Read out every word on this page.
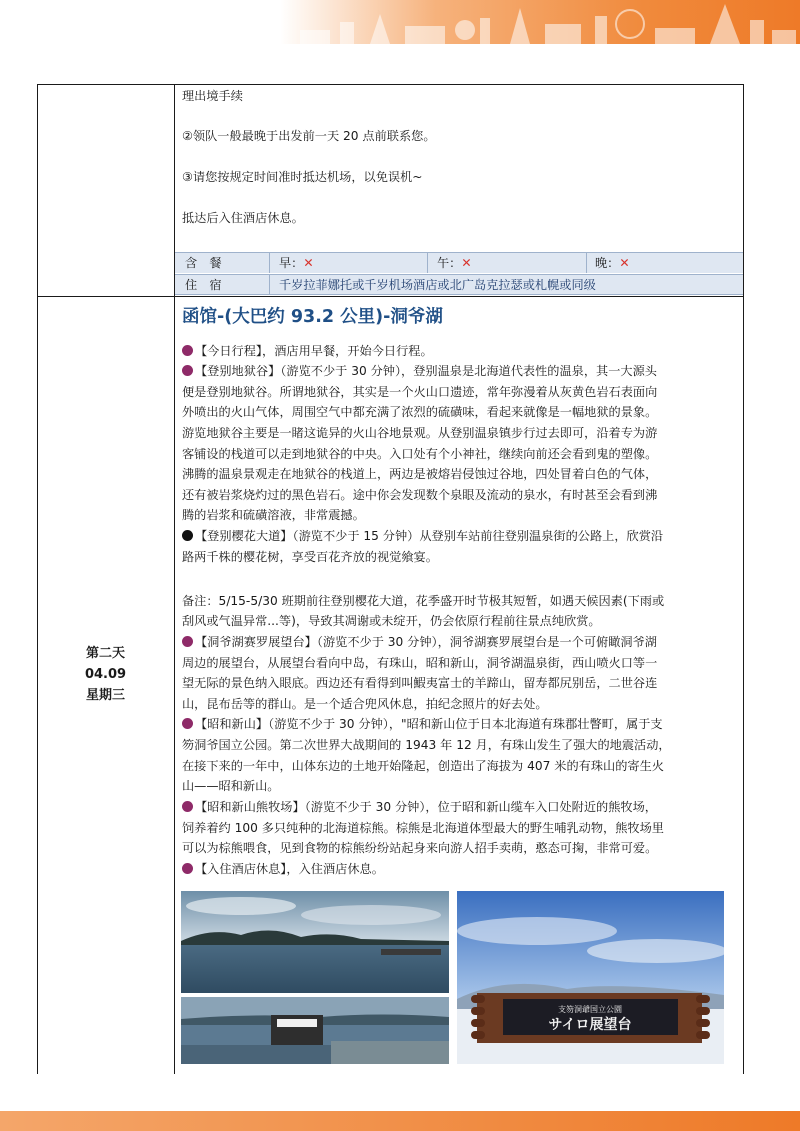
理出境手续
②领队一般最晚于出发前一天 20 点前联系您。
③请您按规定时间准时抵达机场，以免误机~
抵达后入住酒店休息。
含　餐	早：✕	午：✕	晚：✕
住　宿	千岁拉菲娜托或千岁机场酒店或北广岛克拉瑟或札幌或同级
第二天
04.09
星期三
函馆-(大巴约 93.2 公里)-洞爷湖
【今日行程】，酒店用早餐，开始今日行程。
【登别地狱谷】（游览不少于 30 分钟），登别温泉是北海道代表性的温泉，其一大源头
便是登别地狱谷。所谓地狱谷，其实是一个火山口遗迹，常年弥漫着从灰黄色岩石表面向
外喷出的火山气体，周围空气中都充满了浓烈的硫磺味，看起来就像是一幅地狱的景象。
游览地狱谷主要是一睹这诡异的火山谷地景观。从登别温泉镇步行过去即可，沿着专为游
客铺设的栈道可以走到地狱谷的中央。入口处有个小神社，继续向前还会看到鬼的塑像。
沸腾的温泉景观走在地狱谷的栈道上，两边是被熔岩侵蚀过谷地，四处冒着白色的气体，
还有被岩浆烧灼过的黑色岩石。途中你会发现数个泉眼及流动的泉水，有时甚至会看到沸
腾的岩浆和硫磺溶液，非常震撼。
【登别樱花大道】（游览不少于 15 分钟）从登别车站前往登别温泉街的公路上，欣赏沿
路两千株的樱花树，享受百花齐放的视觉飨宴。
备注：5/15-5/30 班期前往登别樱花大道，花季盛开时节极其短暂，如遇天候因素(下雨或
刮风或气温异常...等)，导致其凋谢或未绽开，仍会依原行程前往景点纯欣赏。
【洞爷湖赛罗展望台】（游览不少于 30 分钟），洞爷湖赛罗展望台是一个可俯瞰洞爷湖
周边的展望台，从展望台看向中岛，有珠山，昭和新山，洞爷湖温泉街，西山喷火口等一
望无际的景色纳入眼底。西边还有看得到叫鰕夷富士的羊蹄山，留寿都尻别岳，二世谷连
山，昆布岳等的群山。是一个适合兜风休息，拍纪念照片的好去处。
【昭和新山】（游览不少于 30 分钟），"昭和新山位于日本北海道有珠郡壮瞥町，属于支
笏洞爷国立公园。第二次世界大战期间的 1943 年 12 月，有珠山发生了强大的地震活动，
在接下来的一年中，山体东边的土地开始隆起，创造出了海拔为 407 米的有珠山的寄生火
山——昭和新山。
【昭和新山熊牧场】（游览不少于 30 分钟），位于昭和新山缆车入口处附近的熊牧场，
饲养着约 100 多只纯种的北海道棕熊。棕熊是北海道体型最大的野生哺乳动物，熊牧场里
可以为棕熊喂食，见到食物的棕熊纷纷站起身来向游人招手卖萌，憨态可掬，非常可爱。
【入住酒店休息】，入住酒店休息。
支笏洞爺国立公園
サイロ展望台
